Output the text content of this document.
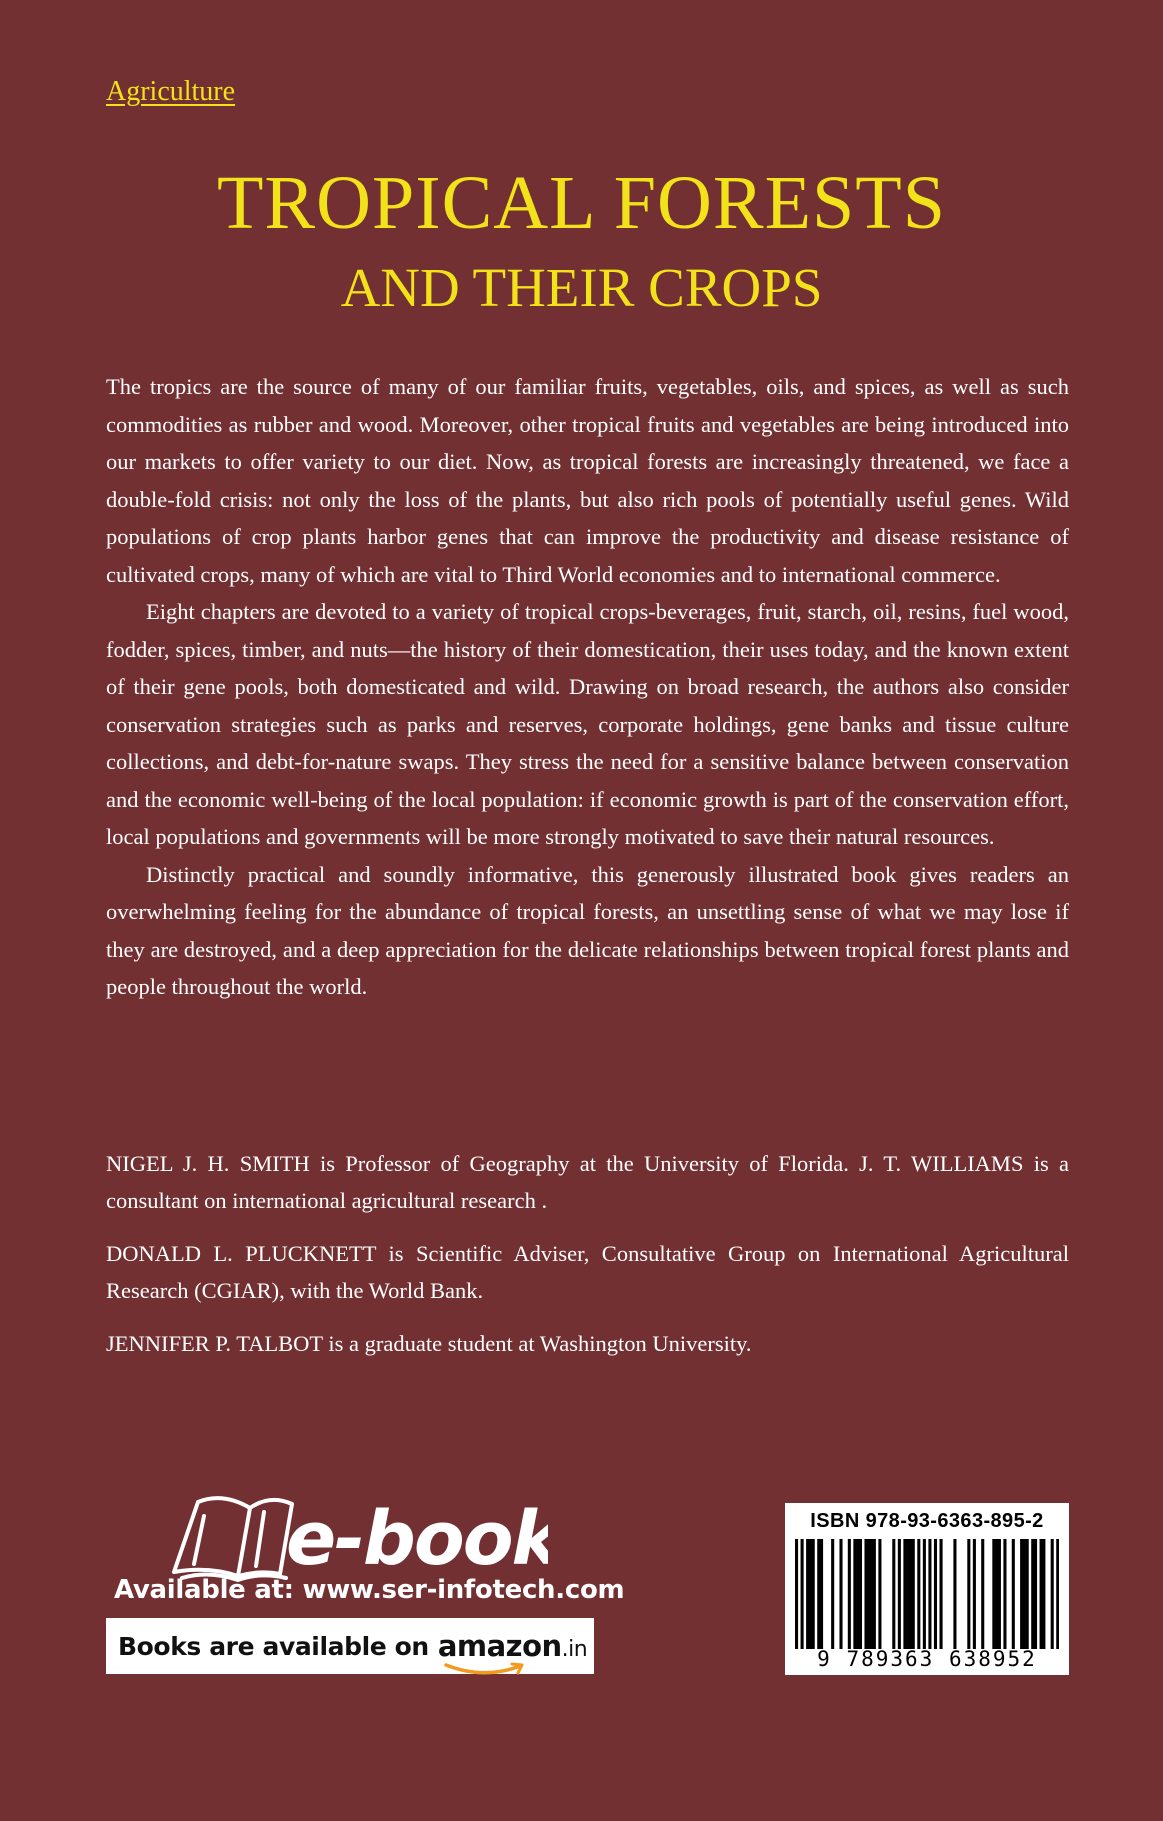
Agriculture
TROPICAL FORESTS
AND THEIR CROPS

The tropics are the source of many of our familiar fruits, vegetables, oils, and spices, as well as such commodities as rubber and wood. Moreover, other tropical fruits and vegetables are being introduced into our markets to offer variety to our diet. Now, as tropical forests are increasingly threatened, we face a double-fold crisis: not only the loss of the plants, but also rich pools of potentially useful genes. Wild populations of crop plants harbor genes that can improve the productivity and disease resistance of cultivated crops, many of which are vital to Third World economies and to international commerce.

Eight chapters are devoted to a variety of tropical crops-beverages, fruit, starch, oil, resins, fuel wood, fodder, spices, timber, and nuts—the history of their domestication, their uses today, and the known extent of their gene pools, both domesticated and wild. Drawing on broad research, the authors also consider conservation strategies such as parks and reserves, corporate holdings, gene banks and tissue culture collections, and debt-for-nature swaps. They stress the need for a sensitive balance between conservation and the economic well-being of the local population: if economic growth is part of the conservation effort, local populations and governments will be more strongly motivated to save their natural resources.

Distinctly practical and soundly informative, this generously illustrated book gives readers an overwhelming feeling for the abundance of tropical forests, an unsettling sense of what we may lose if they are destroyed, and a deep appreciation for the delicate relationships between tropical forest plants and people throughout the world.

NIGEL J. H. SMITH is Professor of Geography at the University of Florida. J. T. WILLIAMS is a consultant on international agricultural research .

DONALD L. PLUCKNETT is Scientific Adviser, Consultative Group on International Agricultural Research (CGIAR), with the World Bank.

JENNIFER P. TALBOT is a graduate student at Washington University.

e-book
Available at: www.ser-infotech.com
Books are available on amazon.in
ISBN 978-93-6363-895-2
9 789363 638952
